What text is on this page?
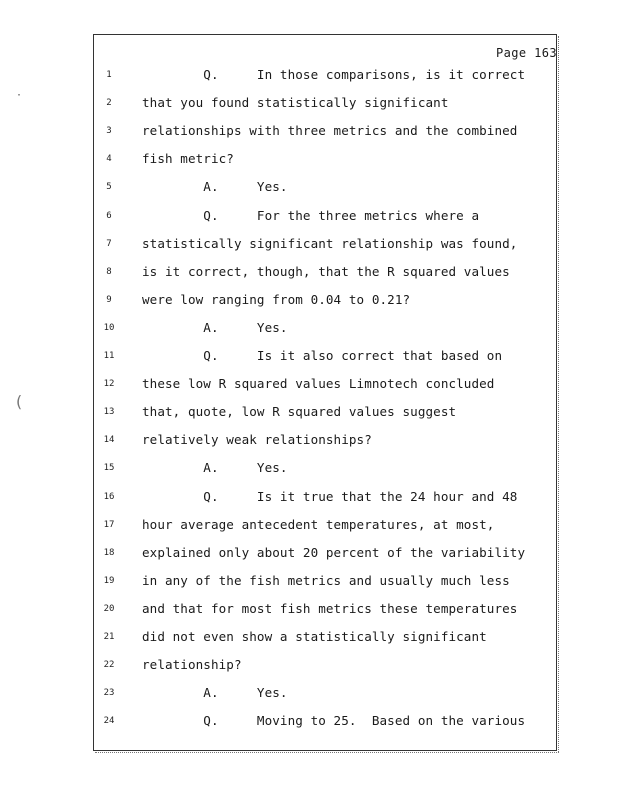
·
(
Page 163
1	Q.     In those comparisons, is it correct
2	that you found statistically significant
3	relationships with three metrics and the combined
4	fish metric?
5	A.     Yes.
6	Q.     For the three metrics where a
7	statistically significant relationship was found,
8	is it correct, though, that the R squared values
9	were low ranging from 0.04 to 0.21?
10	A.     Yes.
11	Q.     Is it also correct that based on
12	these low R squared values Limnotech concluded
13	that, quote, low R squared values suggest
14	relatively weak relationships?
15	A.     Yes.
16	Q.     Is it true that the 24 hour and 48
17	hour average antecedent temperatures, at most,
18	explained only about 20 percent of the variability
19	in any of the fish metrics and usually much less
20	and that for most fish metrics these temperatures
21	did not even show a statistically significant
22	relationship?
23	A.     Yes.
24	Q.     Moving to 25.  Based on the various
